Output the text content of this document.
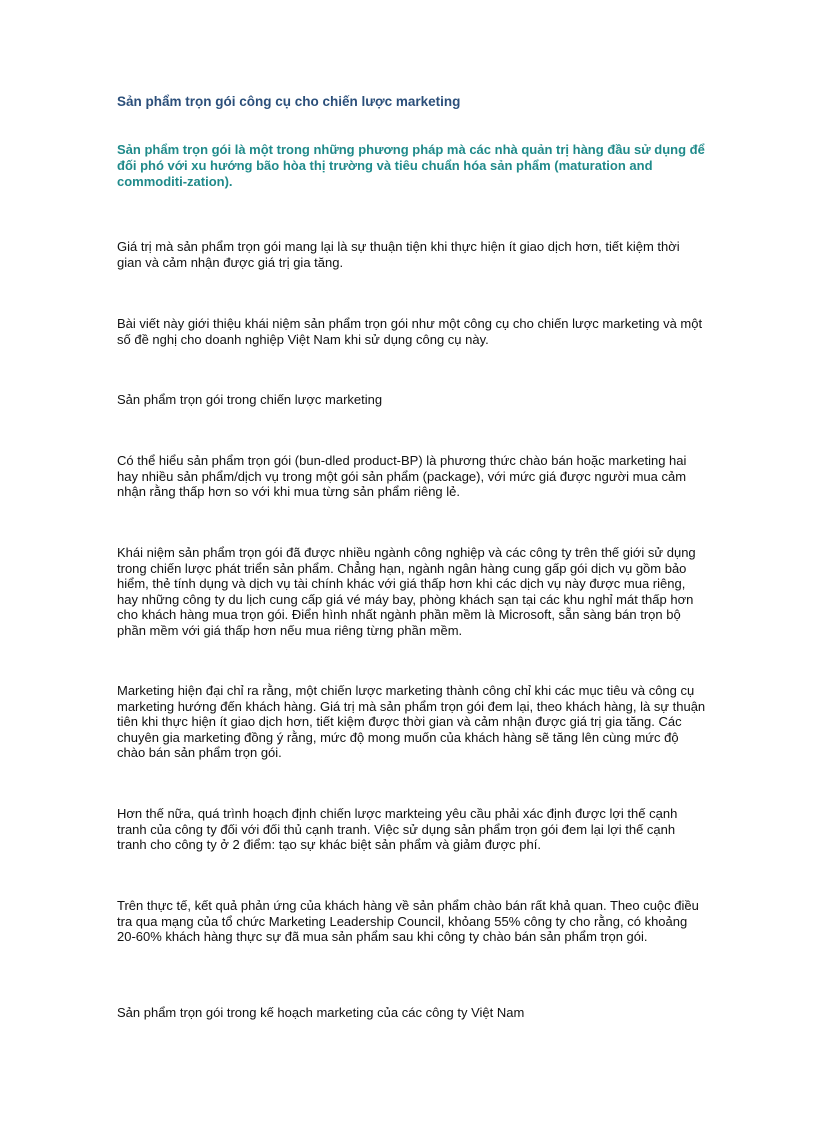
Sản phẩm trọn gói công cụ cho chiến lược marketing

Sản phẩm trọn gói là một trong những phương pháp mà các nhà quản trị hàng đầu sử dụng để đối phó với xu hướng bão hòa thị trường và tiêu chuẩn hóa sản phẩm (maturation and commoditi-zation).

Giá trị mà sản phẩm trọn gói mang lại là sự thuận tiện khi thực hiện ít giao dịch hơn, tiết kiệm thời gian và cảm nhận được giá trị gia tăng.

Bài viết này giới thiệu khái niệm sản phẩm trọn gói như một công cụ cho chiến lược marketing và một số đề nghị cho doanh nghiệp Việt Nam khi sử dụng công cụ này.

Sản phẩm trọn gói trong chiến lược marketing

Có thể hiểu sản phẩm trọn gói (bun-dled product-BP) là phương thức chào bán hoặc marketing hai hay nhiều sản phẩm/dịch vụ trong một gói sản phẩm (package), với mức giá được người mua cảm nhận rằng thấp hơn so với khi mua từng sản phẩm riêng lẻ.

Khái niệm sản phẩm trọn gói đã được nhiều ngành công nghiệp và các công ty trên thế giới sử dụng trong chiến lược phát triển sản phẩm. Chẳng hạn, ngành ngân hàng cung gấp gói dịch vụ gồm bảo hiểm, thẻ tính dụng và dịch vụ tài chính khác với giá thấp hơn khi các dịch vụ này được mua riêng, hay những công ty du lịch cung cấp giá vé máy bay, phòng khách sạn tại các khu nghỉ mát thấp hơn cho khách hàng mua trọn gói. Điển hình nhất ngành phần mềm là Microsoft, sẵn sàng bán trọn bộ phần mềm với giá thấp hơn nếu mua riêng từng phần mềm.

Marketing hiện đại chỉ ra rằng, một chiến lược marketing thành công chỉ khi các mục tiêu và công cụ marketing hướng đến khách hàng. Giá trị mà sản phẩm trọn gói đem lại, theo khách hàng, là sự thuận tiên khi thực hiện ít giao dịch hơn, tiết kiệm được thời gian và cảm nhận được giá trị gia tăng. Các chuyên gia marketing đồng ý rằng, mức độ mong muốn của khách hàng sẽ tăng lên cùng mức độ chào bán sản phẩm trọn gói.

Hơn thế nữa, quá trình hoạch định chiến lược markteing yêu cầu phải xác định được lợi thế cạnh tranh của công ty đối với đối thủ cạnh tranh. Việc sử dụng sản phẩm trọn gói đem lại lợi thế cạnh tranh cho công ty ở 2 điểm: tạo sự khác biệt sản phẩm và giảm được phí.

Trên thực tế, kết quả phản ứng của khách hàng về sản phẩm chào bán rất khả quan. Theo cuộc điều tra qua mạng của tổ chức Marketing Leadership Council, khỏang 55% công ty cho rằng, có khoảng 20-60% khách hàng thực sự đã mua sản phẩm sau khi công ty chào bán sản phẩm trọn gói.

Sản phẩm trọn gói trong kế hoạch marketing của các công ty Việt Nam
